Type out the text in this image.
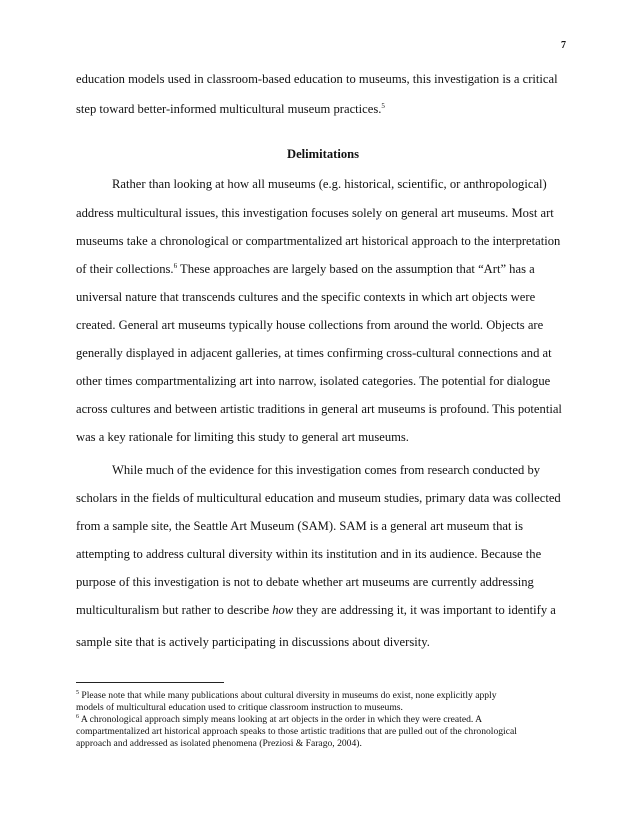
7
education models used in classroom-based education to museums, this investigation is a critical
step toward better-informed multicultural museum practices.$^5$
Delimitations
Rather than looking at how all museums (e.g. historical, scientific, or anthropological)
address multicultural issues, this investigation focuses solely on general art museums. Most art
museums take a chronological or compartmentalized art historical approach to the interpretation
of their collections.$^6$ These approaches are largely based on the assumption that “Art” has a
universal nature that transcends cultures and the specific contexts in which art objects were
created. General art museums typically house collections from around the world. Objects are
generally displayed in adjacent galleries, at times confirming cross-cultural connections and at
other times compartmentalizing art into narrow, isolated categories. The potential for dialogue
across cultures and between artistic traditions in general art museums is profound. This potential
was a key rationale for limiting this study to general art museums.
While much of the evidence for this investigation comes from research conducted by
scholars in the fields of multicultural education and museum studies, primary data was collected
from a sample site, the Seattle Art Museum (SAM). SAM is a general art museum that is
attempting to address cultural diversity within its institution and in its audience. Because the
purpose of this investigation is not to debate whether art museums are currently addressing
multiculturalism but rather to describe how they are addressing it, it was important to identify a
sample site that is actively participating in discussions about diversity.
$^5$ Please note that while many publications about cultural diversity in museums do exist, none explicitly apply
models of multicultural education used to critique classroom instruction to museums.
$^6$ A chronological approach simply means looking at art objects in the order in which they were created. A
compartmentalized art historical approach speaks to those artistic traditions that are pulled out of the chronological
approach and addressed as isolated phenomena (Preziosi & Farago, 2004).
